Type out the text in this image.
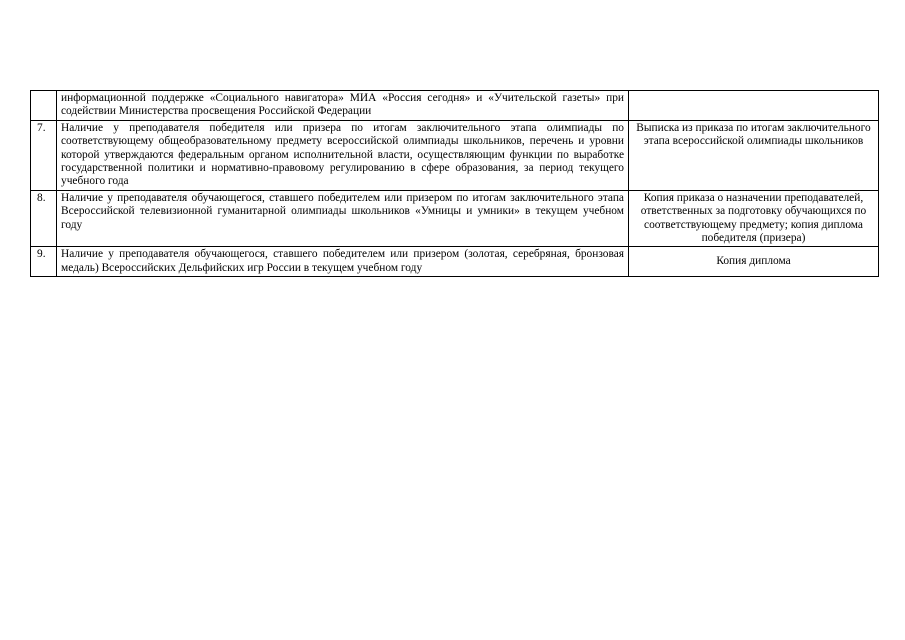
	информационной поддержке «Социального навигатора» МИА «Россия сегодня» и «Учительской газеты» при содействии Министерства просвещения Российской Федерации	
7.	Наличие у преподавателя победителя или призера по итогам заключительного этапа олимпиады по соответствующему общеобразовательному предмету всероссийской олимпиады школьников, перечень и уровни которой утверждаются федеральным органом исполнительной власти, осуществляющим функции по выработке государственной политики и нормативно-правовому регулированию в сфере образования, за период текущего учебного года	Выписка из приказа по итогам заключительного этапа всероссийской олимпиады школьников
8.	Наличие у преподавателя обучающегося, ставшего победителем или призером по итогам заключительного этапа Всероссийской телевизионной гуманитарной олимпиады школьников «Умницы и умники» в текущем учебном году	Копия приказа о назначении преподавателей, ответственных за подготовку обучающихся по соответствующему предмету; копия диплома победителя (призера)
9.	Наличие у преподавателя обучающегося, ставшего победителем или призером (золотая, серебряная, бронзовая медаль) Всероссийских Дельфийских игр России в текущем учебном году	Копия диплома
